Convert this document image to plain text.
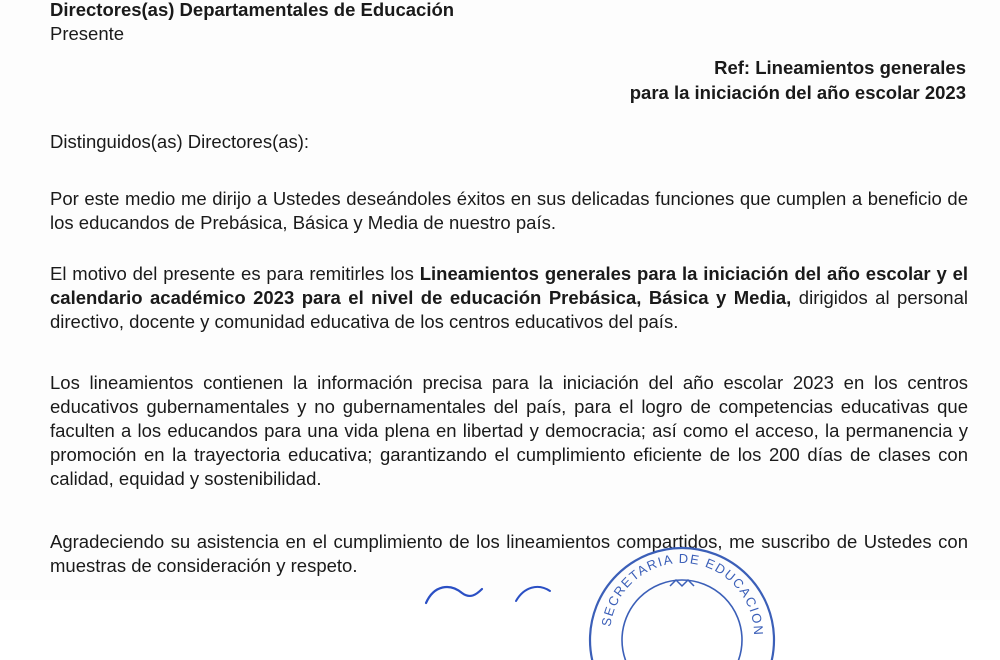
Directores(as) Departamentales de Educación
Presente
Ref: Lineamientos generales
para la iniciación del año escolar 2023
Distinguidos(as) Directores(as):
Por este medio me dirijo a Ustedes deseándoles éxitos en sus delicadas funciones que cumplen a beneficio de los educandos de Prebásica, Básica y Media de nuestro país.
El motivo del presente es para remitirles los Lineamientos generales para la iniciación del año escolar y el calendario académico 2023 para el nivel de educación Prebásica, Básica y Media, dirigidos al personal directivo, docente y comunidad educativa de los centros educativos del país.
Los lineamientos contienen la información precisa para la iniciación del año escolar 2023 en los centros educativos gubernamentales y no gubernamentales del país, para el logro de competencias educativas que faculten a los educandos para una vida plena en libertad y democracia; así como el acceso, la permanencia y promoción en la trayectoria educativa; garantizando el cumplimiento eficiente de los 200 días de clases con calidad, equidad y sostenibilidad.
Agradeciendo su asistencia en el cumplimiento de los lineamientos compartidos, me suscribo de Ustedes con muestras de consideración y respeto.
SECRETARIA DE EDUCACION
